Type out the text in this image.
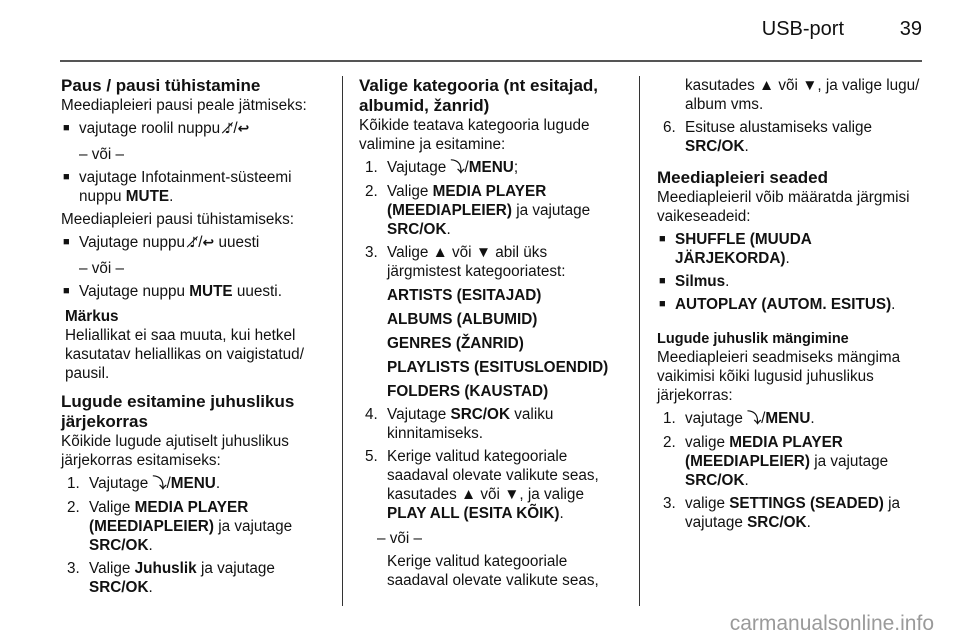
USB-port	39
Paus / pausi tühistamine

Meediapleieri pausi peale jätmiseks:

■ vajutage roolil nuppu ♪̸/↩
– või –
■ vajutage Infotainment-süsteemi
nuppu MUTE.

Meediapleieri pausi tühistamiseks:

■ Vajutage nuppu ♪̸/↩ uuesti
– või –
■ Vajutage nuppu MUTE uuesti.
Märkus
Heliallikat ei saa muuta, kui hetkel
kasutatav heliallikas on vaigistatud/
pausil.
Lugude esitamine juhuslikus
järjekorras

Kõikide lugude ajutiselt juhuslikus
järjekorras esitamiseks:

1. Vajutage ⤵/MENU.
2. Valige MEDIA PLAYER
(MEEDIAPLEIER) ja vajutage
SRC/OK.
3. Valige Juhuslik ja vajutage
SRC/OK.
Valige kategooria (nt esitajad,
albumid, žanrid)

Kõikide teatava kategooria lugude
valimine ja esitamine:

1. Vajutage ⤵/MENU;
2. Valige MEDIA PLAYER
(MEEDIAPLEIER) ja vajutage
SRC/OK.
3. Valige ▲ või ▼ abil üks
järgmistest kategooriatest:
ARTISTS (ESITAJAD)
ALBUMS (ALBUMID)
GENRES (ŽANRID)
PLAYLISTS (ESITUSLOENDID)
FOLDERS (KAUSTAD)
4. Vajutage SRC/OK valiku
kinnitamiseks.
5. Kerige valitud kategooriale
saadaval olevate valikute seas,
kasutades ▲ või ▼, ja valige
PLAY ALL (ESITA KÕIK).
– või –
Kerige valitud kategooriale
saadaval olevate valikute seas,
kasutades ▲ või ▼, ja valige lugu/
album vms.
6. Esituse alustamiseks valige
SRC/OK.
Meediapleieri seaded

Meediapleieril võib määratda järgmisi
vaikeseadeid:

■ SHUFFLE (MUUDA
JÄRJEKORDA).
■ Silmus.
■ AUTOPLAY (AUTOM. ESITUS).
Lugude juhuslik mängimine

Meediapleieri seadmiseks mängima
vaikimisi kõiki lugusid juhuslikus
järjekorras:

1. vajutage ⤵/MENU.
2. valige MEDIA PLAYER
(MEEDIAPLEIER) ja vajutage
SRC/OK.
3. valige SETTINGS (SEADED) ja
vajutage SRC/OK.
carmanualsonline.info
